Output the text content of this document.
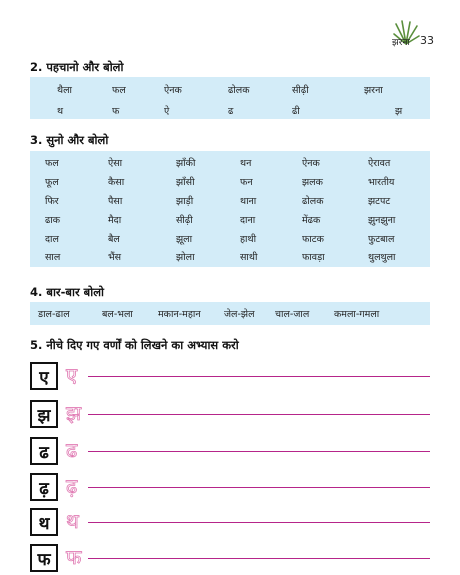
झरना 33
2. पहचानो और बोलो
थैला	फल	ऐनक	ढोलक	सीढ़ी	झरना
थ	फ	ऐ	ढ	ढी	झ
3. सुनो और बोलो
फल	ऐसा	झाँकी	थन	ऐनक	ऐरावत
फूल	कैसा	झाँसी	फन	झलक	भारतीय
फिर	पैसा	झाड़ी	थाना	ढोलक	झटपट
ढाक	मैदा	सीढ़ी	दाना	मेंढक	झुनझुना
दाल	बैल	झूला	हाथी	फाटक	फुटबाल
साल	भैंस	झोला	साथी	फावड़ा	थुलथुला
4. बार-बार बोलो
डाल-ढाल	बल-भला	मकान-महान जेल-झेल चाल-जाल	कमला-गमला
5. नीचे दिए गए वर्णों को लिखने का अभ्यास करो
ए ए
झ झ
ढ ढ
ढ़ ढ़
थ थ
फ फ
